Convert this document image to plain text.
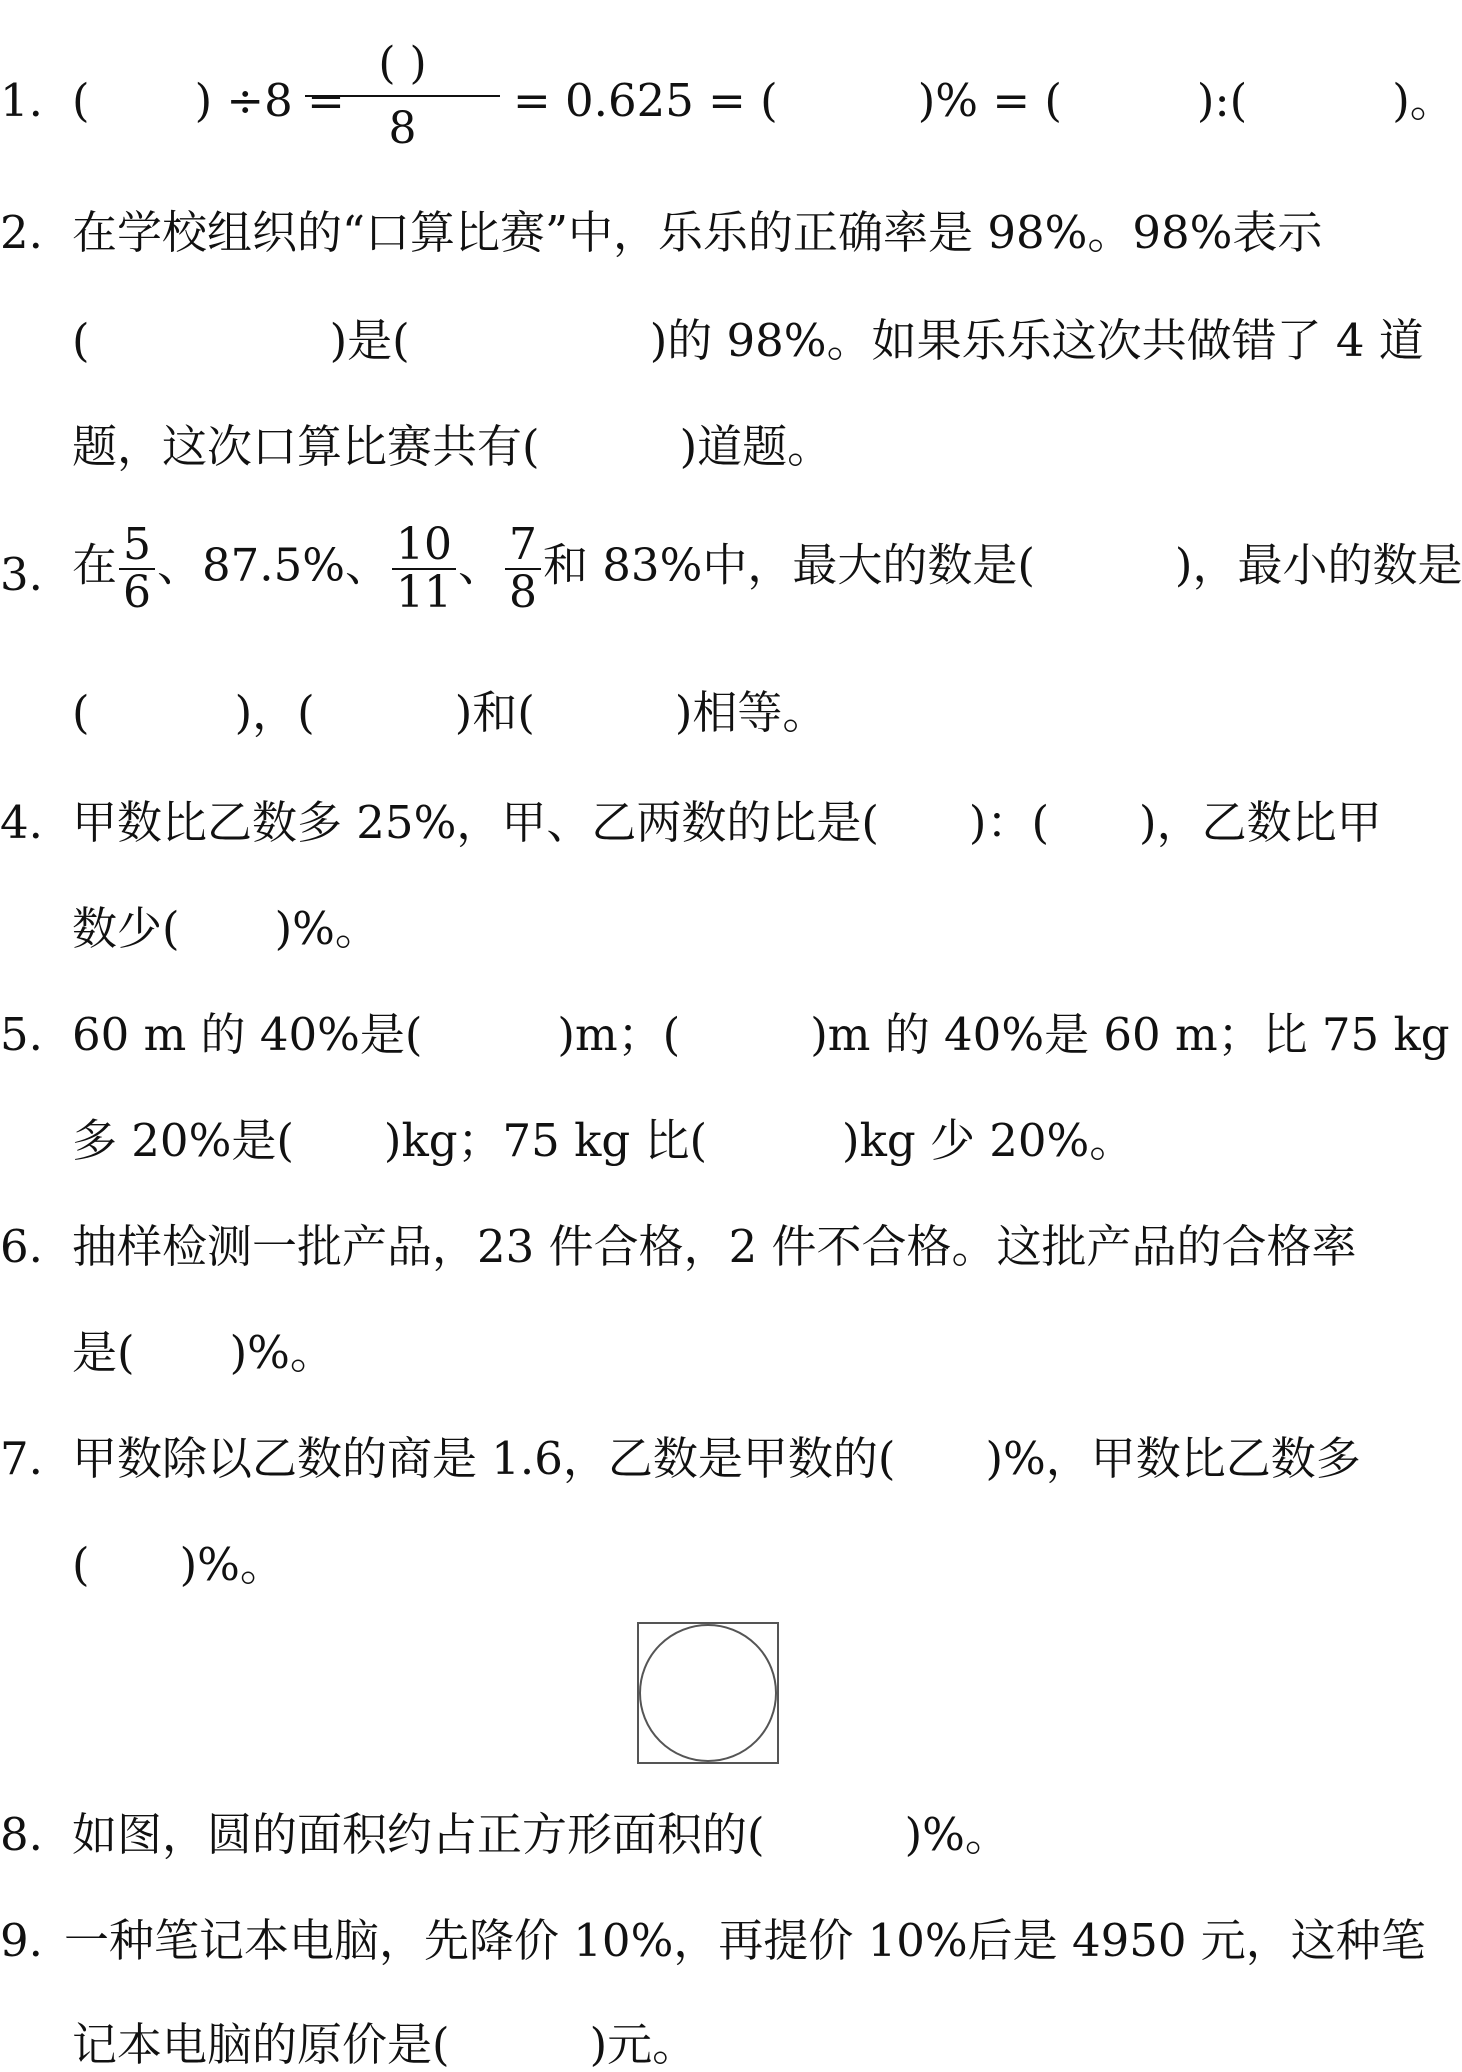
1. ( ) ÷8 =	= 0.625 = (	)% = (	):(	)。
( )
8
2. 在学校组织的“口算比赛”中，乐乐的正确率是 98%。98%表示
(	)是(	)的 98%。如果乐乐这次共做错了 4 道
题，这次口算比赛共有(	)道题。
3. 在 $\frac{5}{6}$ 、87.5%、 $\frac{10}{11}$ 、 $\frac{7}{8}$ 和 83%中，最大的数是(	)，最小的数是
(	)，(	)和(	)相等。
4. 甲数比乙数多 25%，甲、乙两数的比是( )：( )，乙数比甲
数少( )%。
5. 60 m 的 40%是(	)m；(	)m 的 40%是 60 m；比 75 kg
多 20%是( )kg；75 kg 比(	)kg 少 20%。
6. 抽样检测一批产品，23 件合格，2 件不合格。这批产品的合格率
是( )%。
7. 甲数除以乙数的商是 1.6，乙数是甲数的( )%，甲数比乙数多
( )%。
8. 如图，圆的面积约占正方形面积的(	)%。
9. 一种笔记本电脑，先降价 10%，再提价 10%后是 4950 元，这种笔
记本电脑的原价是(	)元。
